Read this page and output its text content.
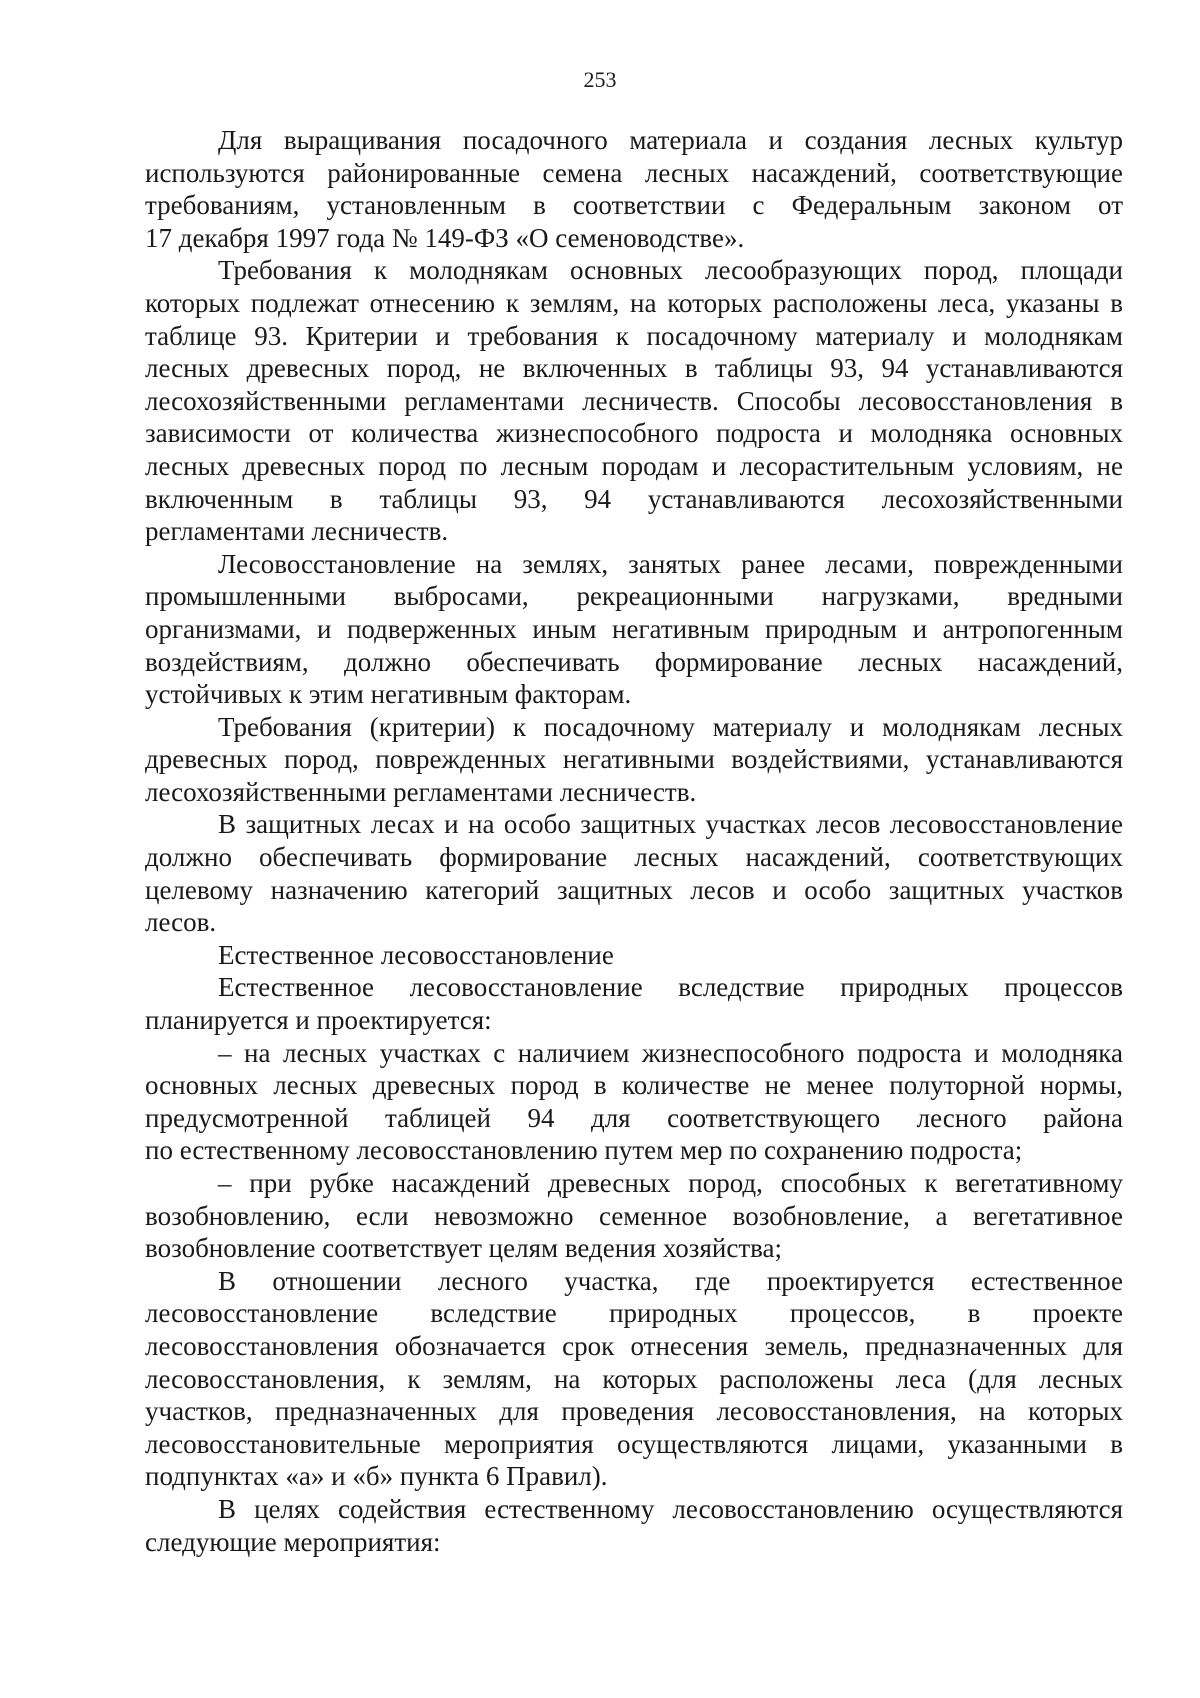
253
Для выращивания посадочного материала и создания лесных культур
используются районированные семена лесных насаждений, соответствующие
требованиям, установленным в соответствии с Федеральным законом от
17 декабря 1997 года № 149-ФЗ «О семеноводстве».
Требования к молоднякам основных лесообразующих пород, площади
которых подлежат отнесению к землям, на которых расположены леса, указаны в
таблице 93. Критерии и требования к посадочному материалу и молоднякам
лесных древесных пород, не включенных в таблицы 93, 94 устанавливаются
лесохозяйственными регламентами лесничеств. Способы лесовосстановления в
зависимости от количества жизнеспособного подроста и молодняка основных
лесных древесных пород по лесным породам и лесорастительным условиям, не
включенным в таблицы 93, 94 устанавливаются лесохозяйственными
регламентами лесничеств.
Лесовосстановление на землях, занятых ранее лесами, поврежденными
промышленными выбросами, рекреационными нагрузками, вредными
организмами, и подверженных иным негативным природным и антропогенным
воздействиям, должно обеспечивать формирование лесных насаждений,
устойчивых к этим негативным факторам.
Требования (критерии) к посадочному материалу и молоднякам лесных
древесных пород, поврежденных негативными воздействиями, устанавливаются
лесохозяйственными регламентами лесничеств.
В защитных лесах и на особо защитных участках лесов лесовосстановление
должно обеспечивать формирование лесных насаждений, соответствующих
целевому назначению категорий защитных лесов и особо защитных участков
лесов.
Естественное лесовосстановление
Естественное лесовосстановление вследствие природных процессов
планируется и проектируется:
– на лесных участках с наличием жизнеспособного подроста и молодняка
основных лесных древесных пород в количестве не менее полуторной нормы,
предусмотренной таблицей 94 для соответствующего лесного района
по естественному лесовосстановлению путем мер по сохранению подроста;
– при рубке насаждений древесных пород, способных к вегетативному
возобновлению, если невозможно семенное возобновление, а вегетативное
возобновление соответствует целям ведения хозяйства;
В отношении лесного участка, где проектируется естественное
лесовосстановление вследствие природных процессов, в проекте
лесовосстановления обозначается срок отнесения земель, предназначенных для
лесовосстановления, к землям, на которых расположены леса (для лесных
участков, предназначенных для проведения лесовосстановления, на которых
лесовосстановительные мероприятия осуществляются лицами, указанными в
подпунктах «а» и «б» пункта 6 Правил).
В целях содействия естественному лесовосстановлению осуществляются
следующие мероприятия:
